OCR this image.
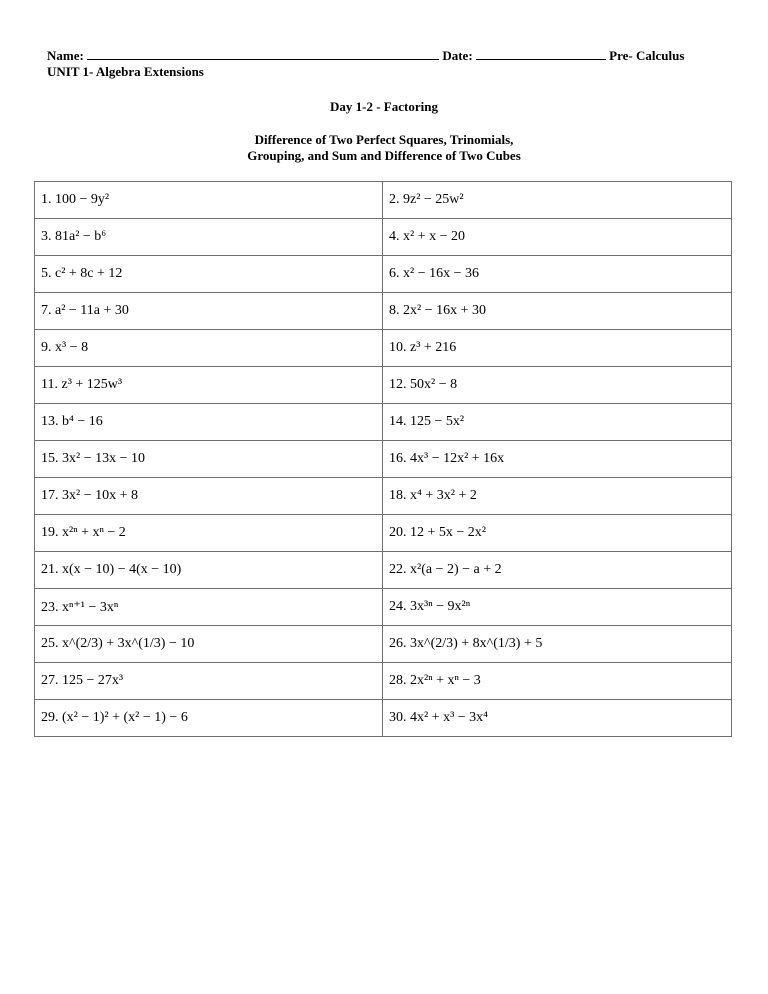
Name:	Date:	Pre- Calculus
UNIT 1- Algebra Extensions
Day 1-2 - Factoring
Difference of Two Perfect Squares, Trinomials,
Grouping, and Sum and Difference of Two Cubes
1. 100 − 9y²	2. 9z² − 25w²
3. 81a² − b⁶	4. x² + x − 20
5. c² + 8c + 12	6. x² − 16x − 36
7. a² − 11a + 30	8. 2x² − 16x + 30
9. x³ − 8	10. z³ + 216
11. z³ + 125w³	12. 50x² − 8
13. b⁴ − 16	14. 125 − 5x²
15. 3x² − 13x − 10	16. 4x³ − 12x² + 16x
17. 3x² − 10x + 8	18. x⁴ + 3x² + 2
19. x²ⁿ + xⁿ − 2	20. 12 + 5x − 2x²
21. x(x − 10) − 4(x − 10)	22. x²(a − 2) − a + 2
23. xⁿ⁺¹ − 3xⁿ	24. 3x³ⁿ − 9x²ⁿ
25. x^(2/3) + 3x^(1/3) − 10	26. 3x^(2/3) + 8x^(1/3) + 5
27. 125 − 27x³	28. 2x²ⁿ + xⁿ − 3
29. (x² − 1)² + (x² − 1) − 6	30. 4x² + x³ − 3x⁴
